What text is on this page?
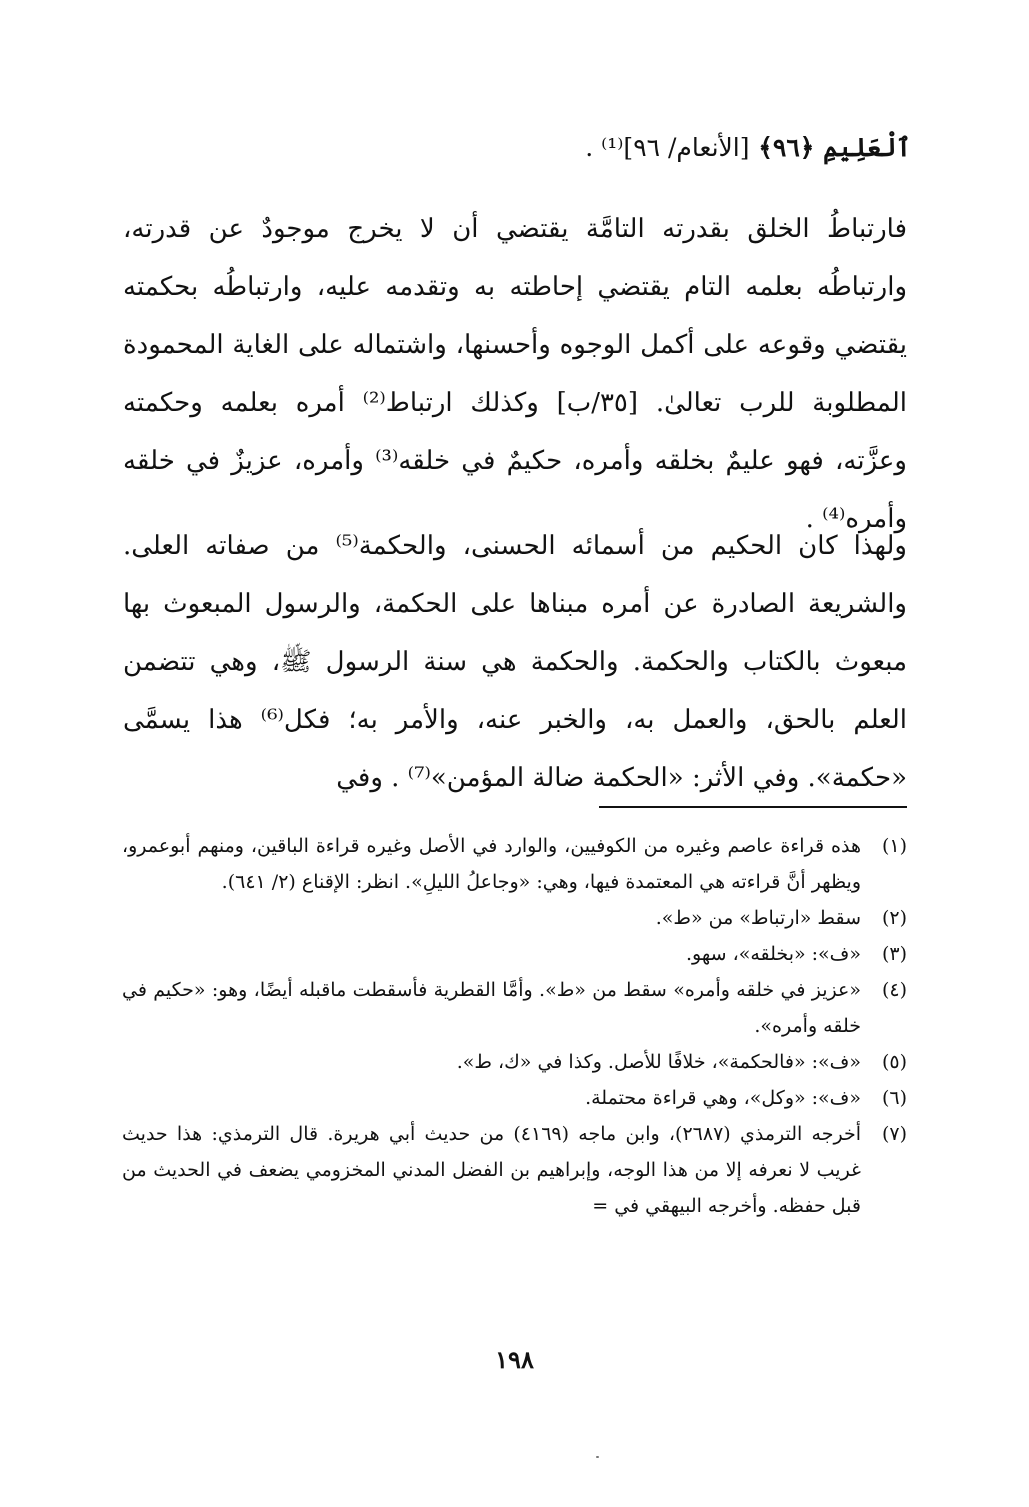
ٱلْعَلِيمِ ﴿٩٦﴾ [الأنعام/ ٩٦]⁽¹⁾ .
فارتباطُ الخلق بقدرته التامَّة يقتضي أن لا يخرج موجودٌ عن قدرته، وارتباطُه بعلمه التام يقتضي إحاطته به وتقدمه عليه، وارتباطُه بحكمته يقتضي وقوعه على أكمل الوجوه وأحسنها، واشتماله على الغاية المحمودة المطلوبة للرب تعالىٰ. [٣٥/ب] وكذلك ارتباط⁽²⁾ أمره بعلمه وحكمته وعزَّته، فهو عليمٌ بخلقه وأمره، حكيمٌ في خلقه⁽³⁾ وأمره، عزيزٌ في خلقه وأمره⁽⁴⁾ .
ولهذا كان الحكيم من أسمائه الحسنى، والحكمة⁽⁵⁾ من صفاته العلى. والشريعة الصادرة عن أمره مبناها على الحكمة، والرسول المبعوث بها مبعوث بالكتاب والحكمة. والحكمة هي سنة الرسول ﷺ، وهي تتضمن العلم بالحق، والعمل به، والخبر عنه، والأمر به؛ فكل⁽⁶⁾ هذا يسمَّى «حكمة». وفي الأثر: «الحكمة ضالة المؤمن»⁽⁷⁾ . وفي
(١)
هذه قراءة عاصم وغيره من الكوفيين، والوارد في الأصل وغيره قراءة الباقين، ومنهم أبوعمرو، ويظهر أنَّ قراءته هي المعتمدة فيها، وهي: «وجاعلُ الليلِ». انظر: الإقناع (٢/ ٦٤١).
(٢)
سقط «ارتباط» من «ط».
(٣)
«ف»: «بخلقه»، سهو.
(٤)
«عزيز في خلقه وأمره» سقط من «ط». وأمَّا القطرية فأسقطت ماقبله أيضًا، وهو: «حكيم في خلقه وأمره».
(٥)
«ف»: «فالحكمة»، خلافًا للأصل. وكذا في «ك، ط».
(٦)
«ف»: «وكل»، وهي قراءة محتملة.
(٧)
أخرجه الترمذي (٢٦٨٧)، وابن ماجه (٤١٦٩) من حديث أبي هريرة. قال الترمذي: هذا حديث غريب لا نعرفه إلا من هذا الوجه، وإبراهيم بن الفضل المدني المخزومي يضعف في الحديث من قبل حفظه. وأخرجه البيهقي في =
١٩٨
